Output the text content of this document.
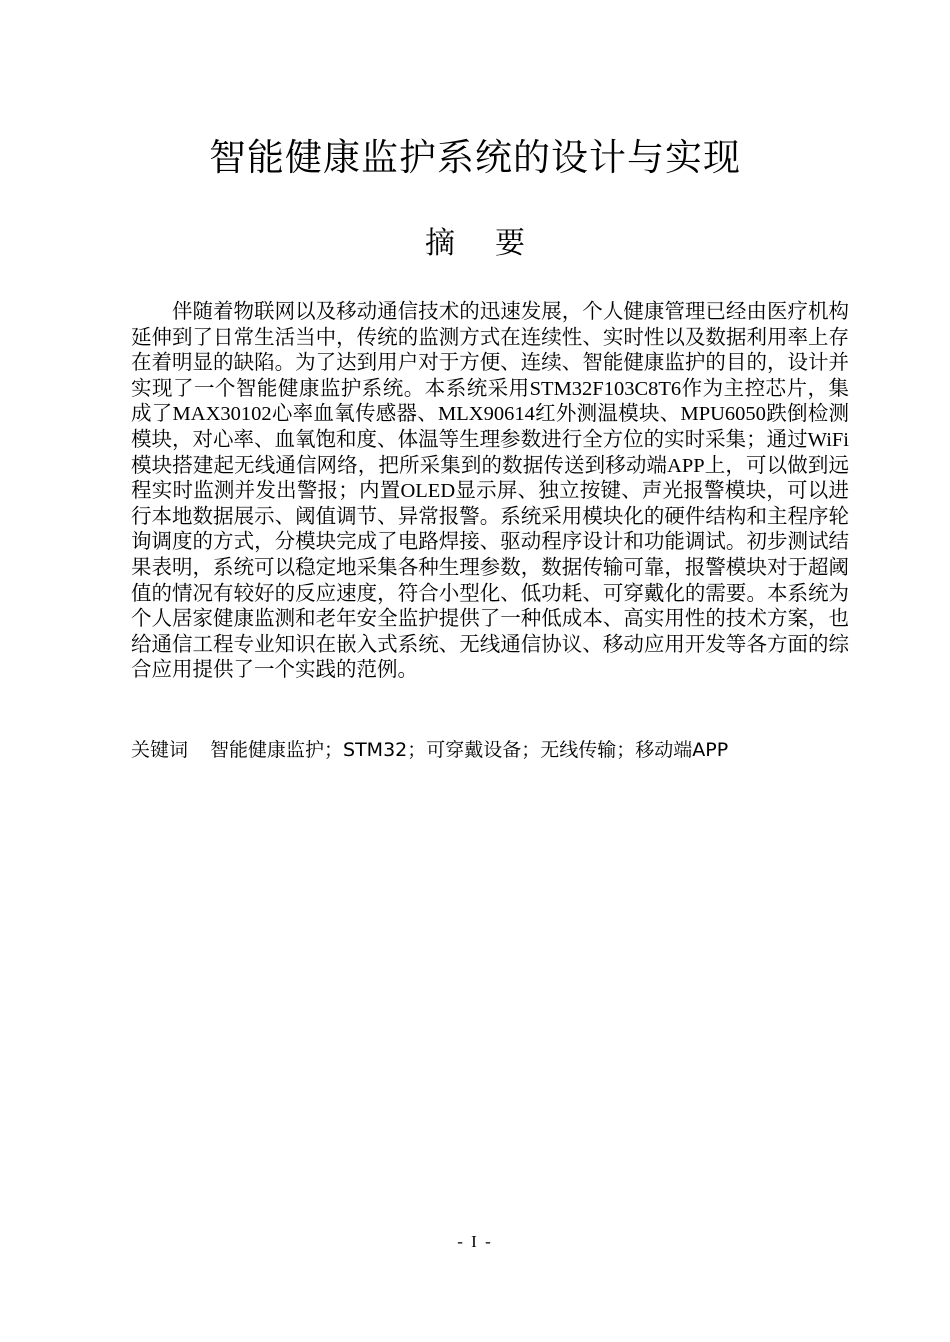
智能健康监护系统的设计与实现
摘要

伴随着物联网以及移动通信技术的迅速发展，个人健康管理已经由医疗机构延伸到了日常生活当中，传统的监测方式在连续性、实时性以及数据利用率上存在着明显的缺陷。为了达到用户对于方便、连续、智能健康监护的目的，设计并实现了一个智能健康监护系统。本系统采用STM32F103C8T6作为主控芯片，集成了MAX30102心率血氧传感器、MLX90614红外测温模块、MPU6050跌倒检测模块，对心率、血氧饱和度、体温等生理参数进行全方位的实时采集；通过WiFi模块搭建起无线通信网络，把所采集到的数据传送到移动端APP上，可以做到远程实时监测并发出警报；内置OLED显示屏、独立按键、声光报警模块，可以进行本地数据展示、阈值调节、异常报警。系统采用模块化的硬件结构和主程序轮询调度的方式，分模块完成了电路焊接、驱动程序设计和功能调试。初步测试结果表明，系统可以稳定地采集各种生理参数，数据传输可靠，报警模块对于超阈值的情况有较好的反应速度，符合小型化、低功耗、可穿戴化的需要。本系统为个人居家健康监测和老年安全监护提供了一种低成本、高实用性的技术方案，也给通信工程专业知识在嵌入式系统、无线通信协议、移动应用开发等各方面的综合应用提供了一个实践的范例。

关键词 智能健康监护；STM32；可穿戴设备；无线传输；移动端APP
- I -
